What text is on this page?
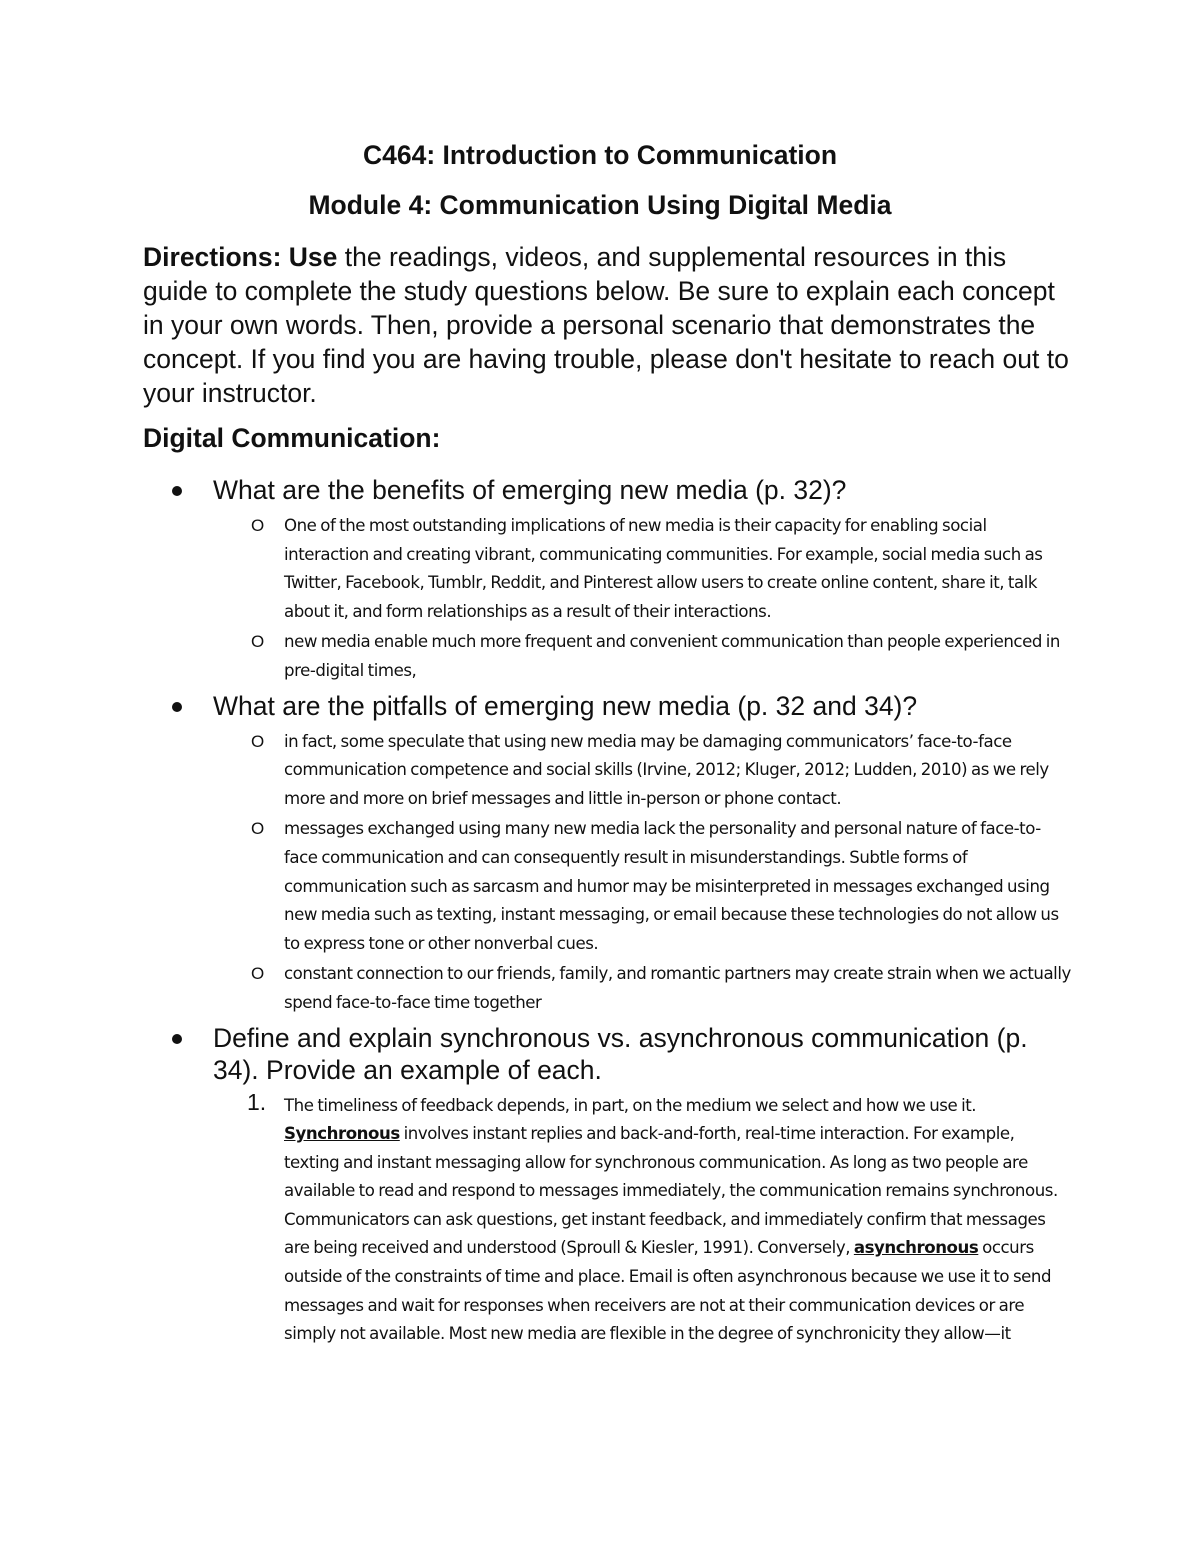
C464: Introduction to Communication
Module 4: Communication Using Digital Media

Directions: Use the readings, videos, and supplemental resources in this guide to complete the study questions below. Be sure to explain each concept in your own words. Then, provide a personal scenario that demonstrates the concept. If you find you are having trouble, please don't hesitate to reach out to your instructor.

Digital Communication:

What are the benefits of emerging new media (p. 32)?

O One of the most outstanding implications of new media is their capacity for enabling social interaction and creating vibrant, communicating communities. For example, social media such as Twitter, Facebook, Tumblr, Reddit, and Pinterest allow users to create online content, share it, talk about it, and form relationships as a result of their interactions.
O new media enable much more frequent and convenient communication than people experienced in pre-digital times,

What are the pitfalls of emerging new media (p. 32 and 34)?

O in fact, some speculate that using new media may be damaging communicators’ face-to-face communication competence and social skills (Irvine, 2012; Kluger, 2012; Ludden, 2010) as we rely more and more on brief messages and little in-person or phone contact.
O messages exchanged using many new media lack the personality and personal nature of face-to-face communication and can consequently result in misunderstandings. Subtle forms of communication such as sarcasm and humor may be misinterpreted in messages exchanged using new media such as texting, instant messaging, or email because these technologies do not allow us to express tone or other nonverbal cues.
O constant connection to our friends, family, and romantic partners may create strain when we actually spend face-to-face time together

Define and explain synchronous vs. asynchronous communication (p. 34). Provide an example of each.

1. The timeliness of feedback depends, in part, on the medium we select and how we use it. Synchronous involves instant replies and back-and-forth, real-time interaction. For example, texting and instant messaging allow for synchronous communication. As long as two people are available to read and respond to messages immediately, the communication remains synchronous. Communicators can ask questions, get instant feedback, and immediately confirm that messages are being received and understood (Sproull & Kiesler, 1991). Conversely, asynchronous occurs outside of the constraints of time and place. Email is often asynchronous because we use it to send messages and wait for responses when receivers are not at their communication devices or are simply not available. Most new media are flexible in the degree of synchronicity they allow—it
